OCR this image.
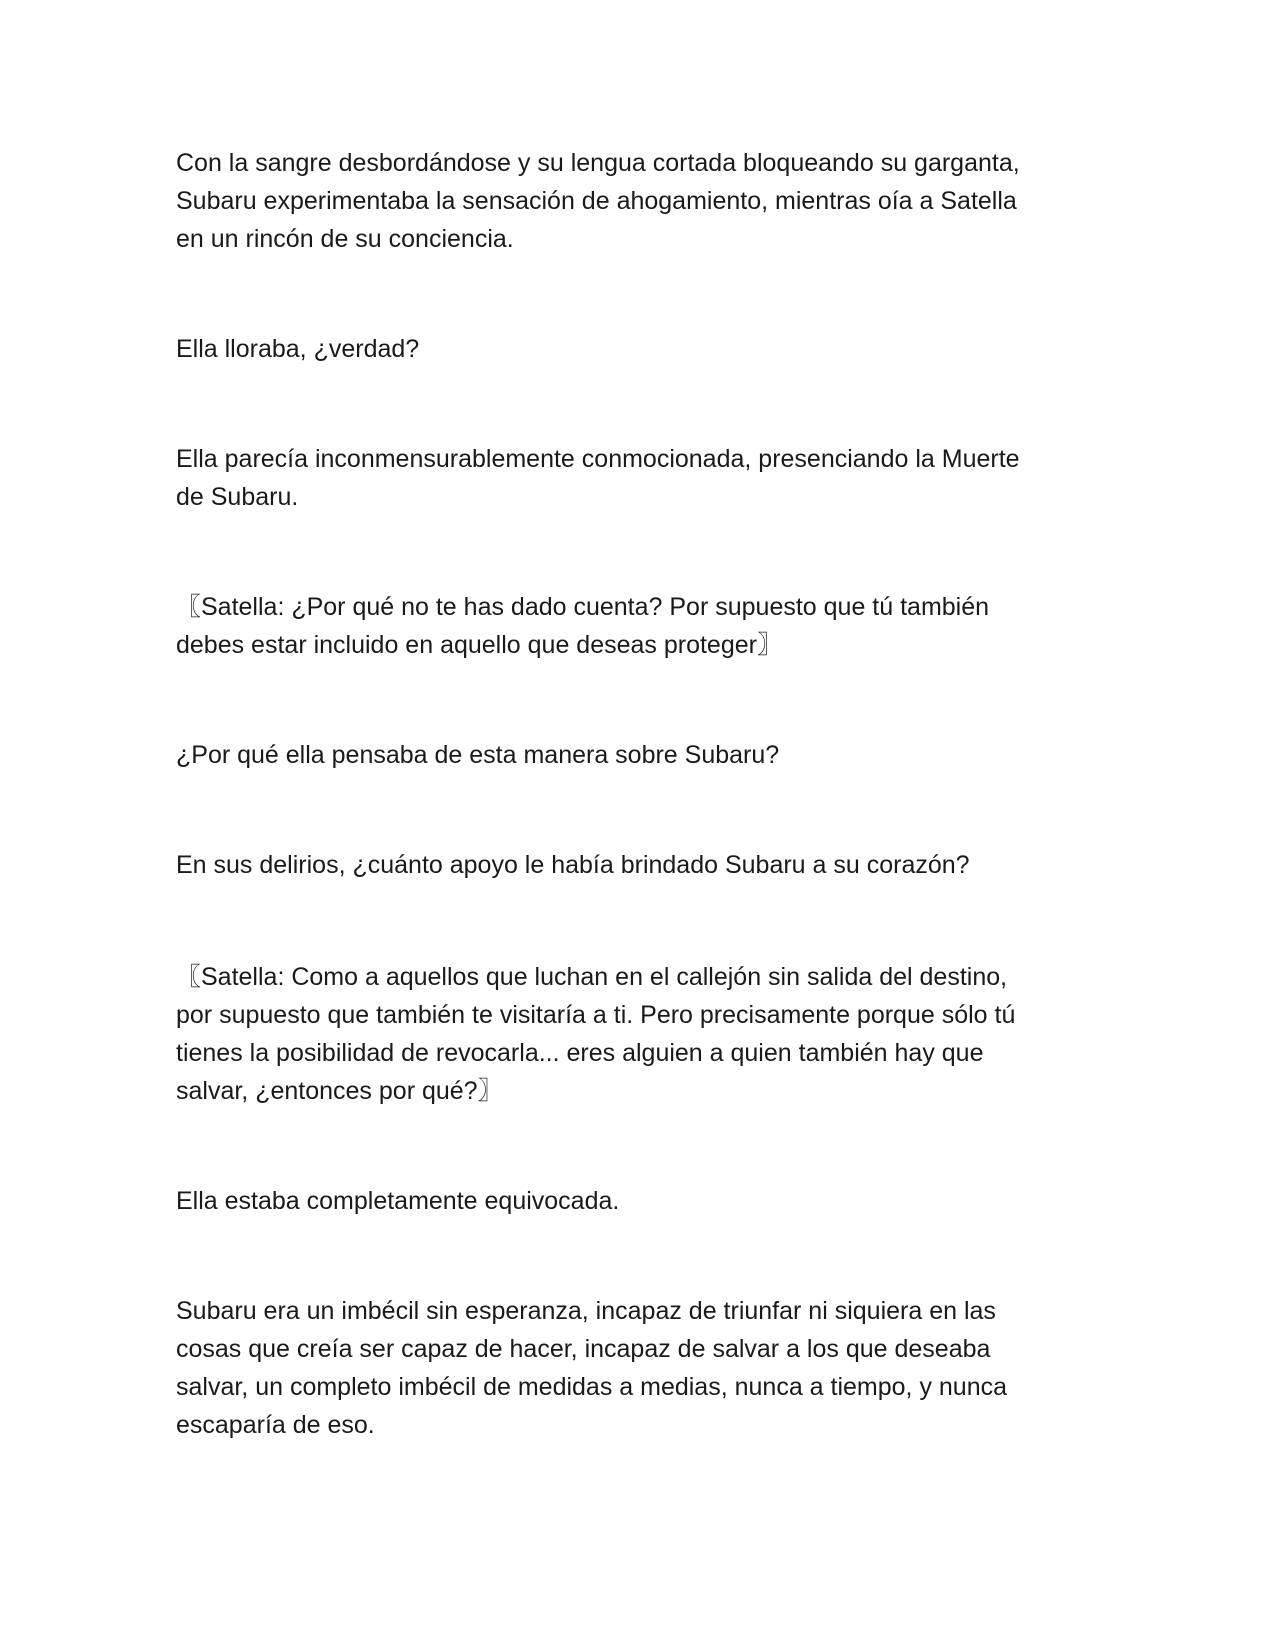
Con la sangre desbordándose y su lengua cortada bloqueando su garganta,
Subaru experimentaba la sensación de ahogamiento, mientras oía a Satella
en un rincón de su conciencia.

Ella lloraba, ¿verdad?

Ella parecía inconmensurablemente conmocionada, presenciando la Muerte
de Subaru.

〖Satella: ¿Por qué no te has dado cuenta? Por supuesto que tú también
debes estar incluido en aquello que deseas proteger〗

¿Por qué ella pensaba de esta manera sobre Subaru?

En sus delirios, ¿cuánto apoyo le había brindado Subaru a su corazón?

〖Satella: Como a aquellos que luchan en el callejón sin salida del destino,
por supuesto que también te visitaría a ti. Pero precisamente porque sólo tú
tienes la posibilidad de revocarla... eres alguien a quien también hay que
salvar, ¿entonces por qué?〗

Ella estaba completamente equivocada.

Subaru era un imbécil sin esperanza, incapaz de triunfar ni siquiera en las
cosas que creía ser capaz de hacer, incapaz de salvar a los que deseaba
salvar, un completo imbécil de medidas a medias, nunca a tiempo, y nunca
escaparía de eso.
